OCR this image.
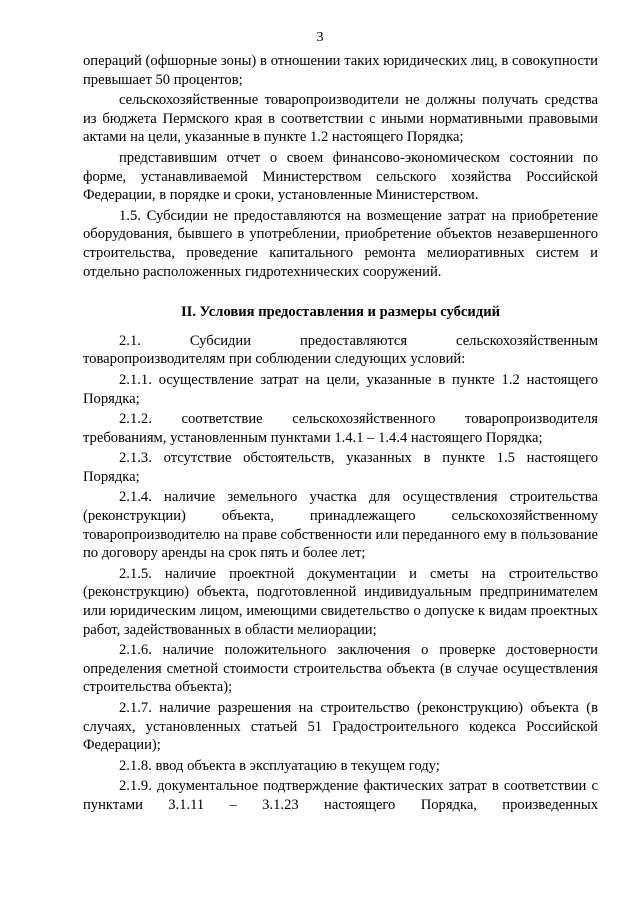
3

операций (офшорные зоны) в отношении таких юридических лиц, в совокупности превышает 50 процентов;

сельскохозяйственные товаропроизводители не должны получать средства из бюджета Пермского края в соответствии с иными нормативными правовыми актами на цели, указанные в пункте 1.2 настоящего Порядка;

представившим отчет о своем финансово-экономическом состоянии по форме, устанавливаемой Министерством сельского хозяйства Российской Федерации, в порядке и сроки, установленные Министерством.

1.5. Субсидии не предоставляются на возмещение затрат на приобретение оборудования, бывшего в употреблении, приобретение объектов незавершенного строительства, проведение капитального ремонта мелиоративных систем и отдельно расположенных гидротехнических сооружений.

II. Условия предоставления и размеры субсидий

2.1. Субсидии предоставляются сельскохозяйственным товаропроизводителям при соблюдении следующих условий:

2.1.1. осуществление затрат на цели, указанные в пункте 1.2 настоящего Порядка;

2.1.2. соответствие сельскохозяйственного товаропроизводителя требованиям, установленным пунктами 1.4.1 – 1.4.4 настоящего Порядка;

2.1.3. отсутствие обстоятельств, указанных в пункте 1.5 настоящего Порядка;

2.1.4. наличие земельного участка для осуществления строительства (реконструкции) объекта, принадлежащего сельскохозяйственному товаропроизводителю на праве собственности или переданного ему в пользование по договору аренды на срок пять и более лет;

2.1.5. наличие проектной документации и сметы на строительство (реконструкцию) объекта, подготовленной индивидуальным предпринимателем или юридическим лицом, имеющими свидетельство о допуске к видам проектных работ, задействованных в области мелиорации;

2.1.6. наличие положительного заключения о проверке достоверности определения сметной стоимости строительства объекта (в случае осуществления строительства объекта);

2.1.7. наличие разрешения на строительство (реконструкцию) объекта (в случаях, установленных статьей 51 Градостроительного кодекса Российской Федерации);

2.1.8. ввод объекта в эксплуатацию в текущем году;

2.1.9. документальное подтверждение фактических затрат в соответствии с пунктами 3.1.11 – 3.1.23 настоящего Порядка, произведенных
